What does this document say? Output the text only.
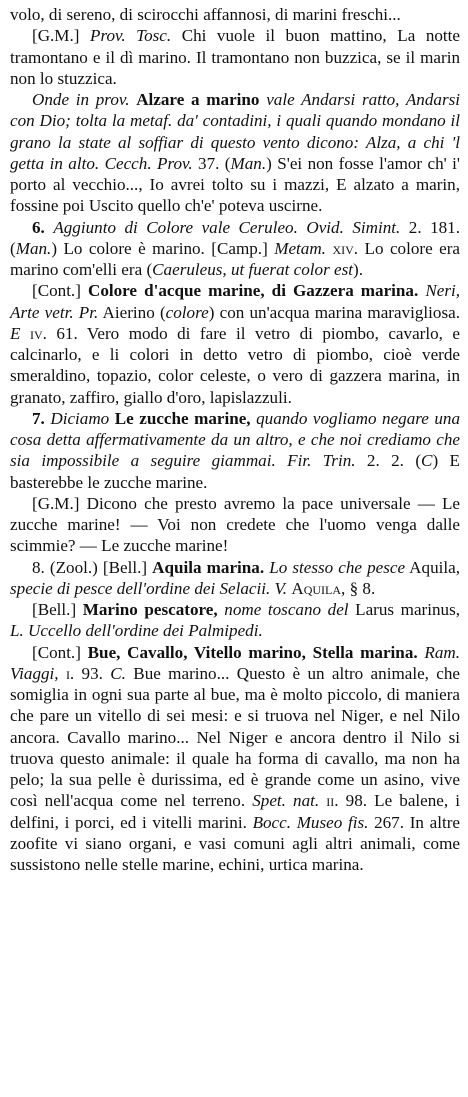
volo, di sereno, di scirocchi affannosi, di marini freschi...

[G.M.] Prov. Tosc. Chi vuole il buon mattino, La notte tramontano e il dì marino. Il tramontano non buzzica, se il marin non lo stuzzica.

Onde in prov. Alzare a marino vale Andarsi ratto, Andarsi con Dio; tolta la metaf. da' contadini, i quali quando mondano il grano la state al soffiar di questo vento dicono: Alza, a chi 'l getta in alto. Cecch. Prov. 37. (Man.) S'ei non fosse l'amor ch' i' porto al vecchio..., Io avrei tolto su i mazzi, E alzato a marin, fossine poi Uscito quello ch'e' poteva uscirne.

6. Aggiunto di Colore vale Ceruleo. Ovid. Simint. 2. 181. (Man.) Lo colore è marino. [Camp.] Metam. xiv. Lo colore era marino com'elli era (Caeruleus, ut fuerat color est).

[Cont.] Colore d'acque marine, di Gazzera marina. Neri, Arte vetr. Pr. Aierino (colore) con un'acqua marina maravigliosa. E iv. 61. Vero modo di fare il vetro di piombo, cavarlo, e calcinarlo, e li colori in detto vetro di piombo, cioè verde smeraldino, topazio, color celeste, o vero di gazzera marina, in granato, zaffiro, giallo d'oro, lapislazzuli.

7. Diciamo Le zucche marine, quando vogliamo negare una cosa detta affermativamente da un altro, e che noi crediamo che sia impossibile a seguire giammai. Fir. Trin. 2. 2. (C) E basterebbe le zucche marine.

[G.M.] Dicono che presto avremo la pace universale — Le zucche marine! — Voi non credete che l'uomo venga dalle scimmie? — Le zucche marine!

8. (Zool.) [Bell.] Aquila marina. Lo stesso che pesce Aquila, specie di pesce dell'ordine dei Selacii. V. Aquila, § 8.

[Bell.] Marino pescatore, nome toscano del Larus marinus, L. Uccello dell'ordine dei Palmipedi.

[Cont.] Bue, Cavallo, Vitello marino, Stella marina. Ram. Viaggi, i. 93. C. Bue marino... Questo è un altro animale, che somiglia in ogni sua parte al bue, ma è molto piccolo, di maniera che pare un vitello di sei mesi: e si truova nel Niger, e nel Nilo ancora. Cavallo marino... Nel Niger e ancora dentro il Nilo si truova questo animale: il quale ha forma di cavallo, ma non ha pelo; la sua pelle è durissima, ed è grande come un asino, vive così nell'acqua come nel terreno. Spet. nat. ii. 98. Le balene, i delfini, i porci, ed i vitelli marini. Bocc. Museo fis. 267. In altre zoofite vi siano organi, e vasi comuni agli altri animali, come sussistono nelle stelle marine, echini, urtica marina.
